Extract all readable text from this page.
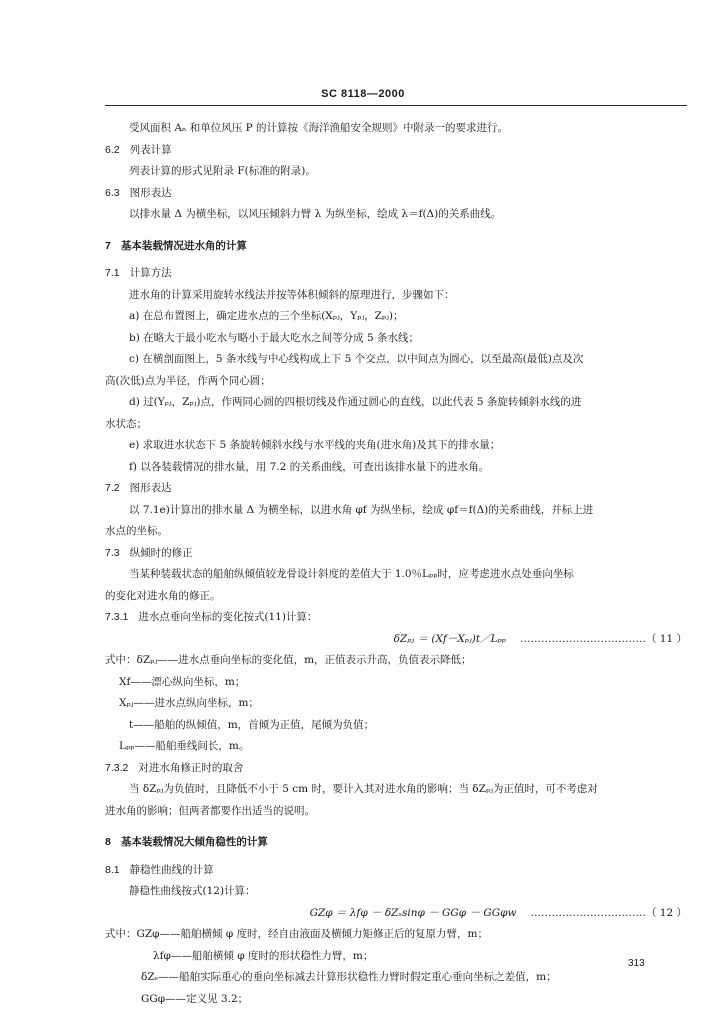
SC 8118—2000
受风面积 Aₙ 和单位风压 P 的计算按《海洋渔船安全规则》中附录一的要求进行。
6.2 列表计算
列表计算的形式见附录 F(标准的附录)。
6.3 图形表达
以排水量 Δ 为横坐标，以风压倾斜力臂 λ 为纵坐标，绘成 λ＝f(Δ)的关系曲线。
7 基本装载情况进水角的计算
7.1 计算方法
进水角的计算采用旋转水线法并按等体积倾斜的原理进行，步骤如下：
a) 在总布置图上，确定进水点的三个坐标(Xₚⱼ，Yₚⱼ，Zₚⱼ)；
b) 在略大于最小吃水与略小于最大吃水之间等分成 5 条水线；
c) 在横剖面图上，5 条水线与中心线构成上下 5 个交点，以中间点为圆心，以至最高(最低)点及次
高(次低)点为半径，作两个同心圆；
d) 过(Yₚⱼ，Zₚⱼ)点，作两同心圆的四根切线及作通过圆心的直线，以此代表 5 条旋转倾斜水线的进
水状态；
e) 求取进水状态下 5 条旋转倾斜水线与水平线的夹角(进水角)及其下的排水量；
f) 以各装载情况的排水量，用 7.2 的关系曲线，可查出该排水量下的进水角。
7.2 图形表达
以 7.1e)计算出的排水量 Δ 为横坐标，以进水角 φf 为纵坐标，绘成 φf＝f(Δ)的关系曲线，并标上进
水点的坐标。
7.3 纵倾时的修正
当某种装载状态的船舶纵倾值较龙骨设计斜度的差值大于 1.0％Lₚₚ时，应考虑进水点处垂向坐标
的变化对进水角的修正。
7.3.1 进水点垂向坐标的变化按式(11)计算：
δZₚⱼ ＝ (Xf－Xₚⱼ)t／Lₚₚ ………………………………（ 11 ）
式中：δZₚⱼ——进水点垂向坐标的变化值，m，正值表示升高，负值表示降低；
Xf——漂心纵向坐标，m；
Xₚⱼ——进水点纵向坐标，m；
t——船舶的纵倾值，m，首倾为正值，尾倾为负值；
Lₚₚ——船舶垂线间长，m。
7.3.2 对进水角修正时的取舍
当 δZₚⱼ为负值时，且降低不小于 5 cm 时，要计入其对进水角的影响；当 δZₚⱼ为正值时，可不考虑对
进水角的影响；但两者都要作出适当的说明。
8 基本装载情况大倾角稳性的计算
8.1 静稳性曲线的计算
静稳性曲线按式(12)计算：
GZφ ＝ λfφ － δZₛsinφ － GGφ － GGφw ……………………………（ 12 ）
式中：GZφ——船舶横倾 φ 度时，经自由液面及横倾力矩修正后的复原力臂，m；
λfφ——船舶横倾 φ 度时的形状稳性力臂，m；
δZₛ——船舶实际重心的垂向坐标减去计算形状稳性力臂时假定重心垂向坐标之差值，m；
GGφ——定义见 3.2；
313
